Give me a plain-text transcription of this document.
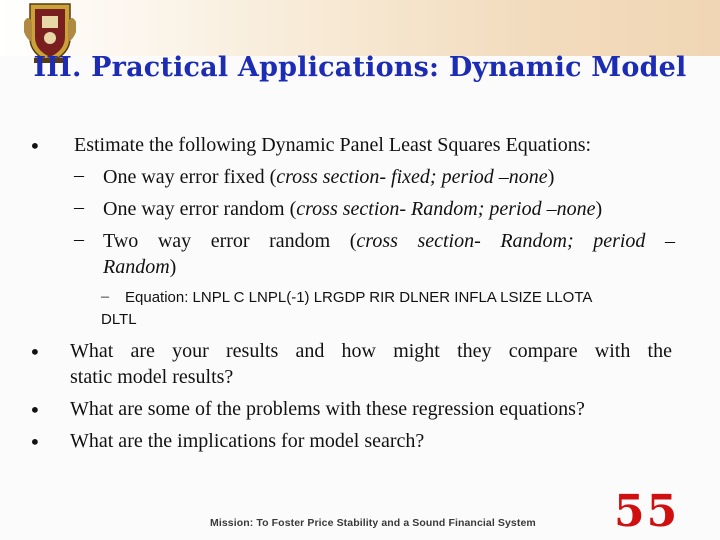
III. Practical Applications: Dynamic Model
• Estimate the following Dynamic Panel Least Squares Equations:
– One way error fixed (cross section- fixed; period –none)
– One way error random (cross section- Random; period –none)
– Two way error random (cross section- Random; period –
Random)
– Equation: LNPL C LNPL(-1) LRGDP RIR DLNER INFLA LSIZE LLOTA
DLTL
• What are your results and how might they compare with the
static model results?
• What are some of the problems with these regression equations?
• What are the implications for model search?
Mission: To Foster Price Stability and a Sound Financial System 55
